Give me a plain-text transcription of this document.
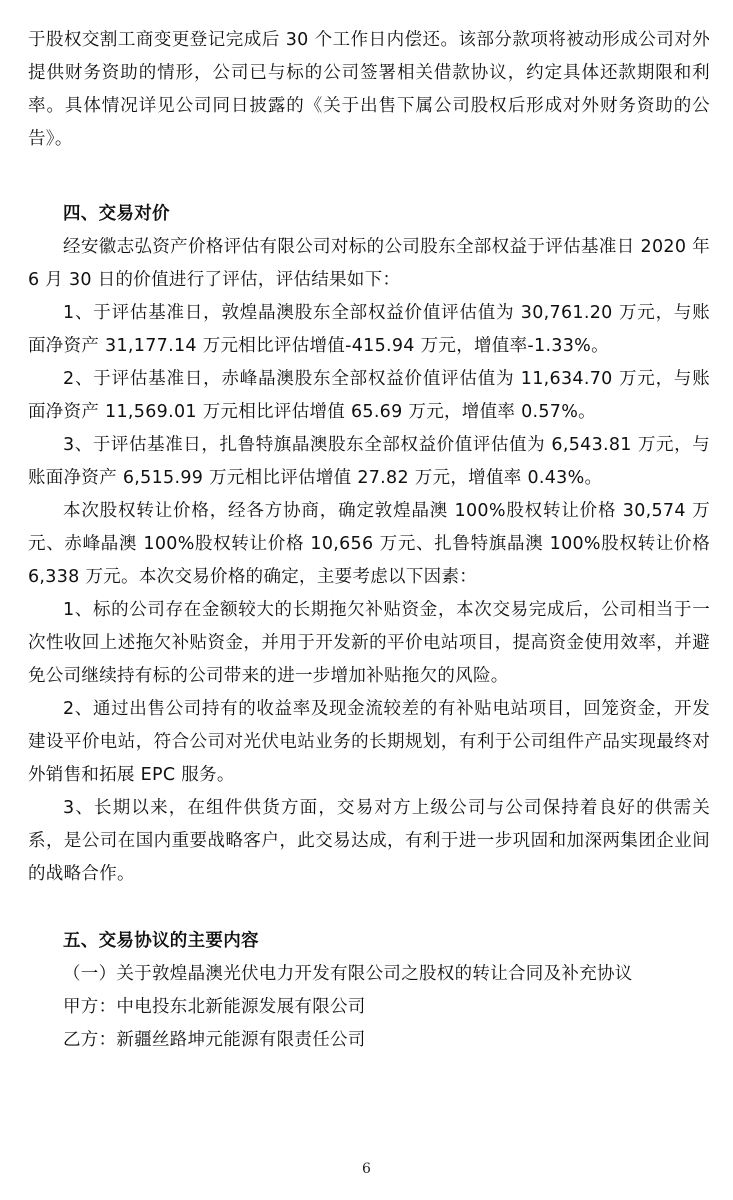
于股权交割工商变更登记完成后 30 个工作日内偿还。该部分款项将被动形成公司对外提供财务资助的情形，公司已与标的公司签署相关借款协议，约定具体还款期限和利率。具体情况详见公司同日披露的《关于出售下属公司股权后形成对外财务资助的公告》。

四、交易对价

经安徽志弘资产价格评估有限公司对标的公司股东全部权益于评估基准日 2020 年 6 月 30 日的价值进行了评估，评估结果如下：

1、于评估基准日，敦煌晶澳股东全部权益价值评估值为 30,761.20 万元，与账面净资产 31,177.14 万元相比评估增值-415.94 万元，增值率-1.33%。

2、于评估基准日，赤峰晶澳股东全部权益价值评估值为 11,634.70 万元，与账面净资产 11,569.01 万元相比评估增值 65.69 万元，增值率 0.57%。

3、于评估基准日，扎鲁特旗晶澳股东全部权益价值评估值为 6,543.81 万元，与账面净资产 6,515.99 万元相比评估增值 27.82 万元，增值率 0.43%。

本次股权转让价格，经各方协商，确定敦煌晶澳 100%股权转让价格 30,574 万元、赤峰晶澳 100%股权转让价格 10,656 万元、扎鲁特旗晶澳 100%股权转让价格 6,338 万元。本次交易价格的确定，主要考虑以下因素：

1、标的公司存在金额较大的长期拖欠补贴资金，本次交易完成后，公司相当于一次性收回上述拖欠补贴资金，并用于开发新的平价电站项目，提高资金使用效率，并避免公司继续持有标的公司带来的进一步增加补贴拖欠的风险。

2、通过出售公司持有的收益率及现金流较差的有补贴电站项目，回笼资金，开发建设平价电站，符合公司对光伏电站业务的长期规划，有利于公司组件产品实现最终对外销售和拓展 EPC 服务。

3、长期以来，在组件供货方面，交易对方上级公司与公司保持着良好的供需关系，是公司在国内重要战略客户，此交易达成，有利于进一步巩固和加深两集团企业间的战略合作。

五、交易协议的主要内容

（一）关于敦煌晶澳光伏电力开发有限公司之股权的转让合同及补充协议

甲方：中电投东北新能源发展有限公司

乙方：新疆丝路坤元能源有限责任公司

6
